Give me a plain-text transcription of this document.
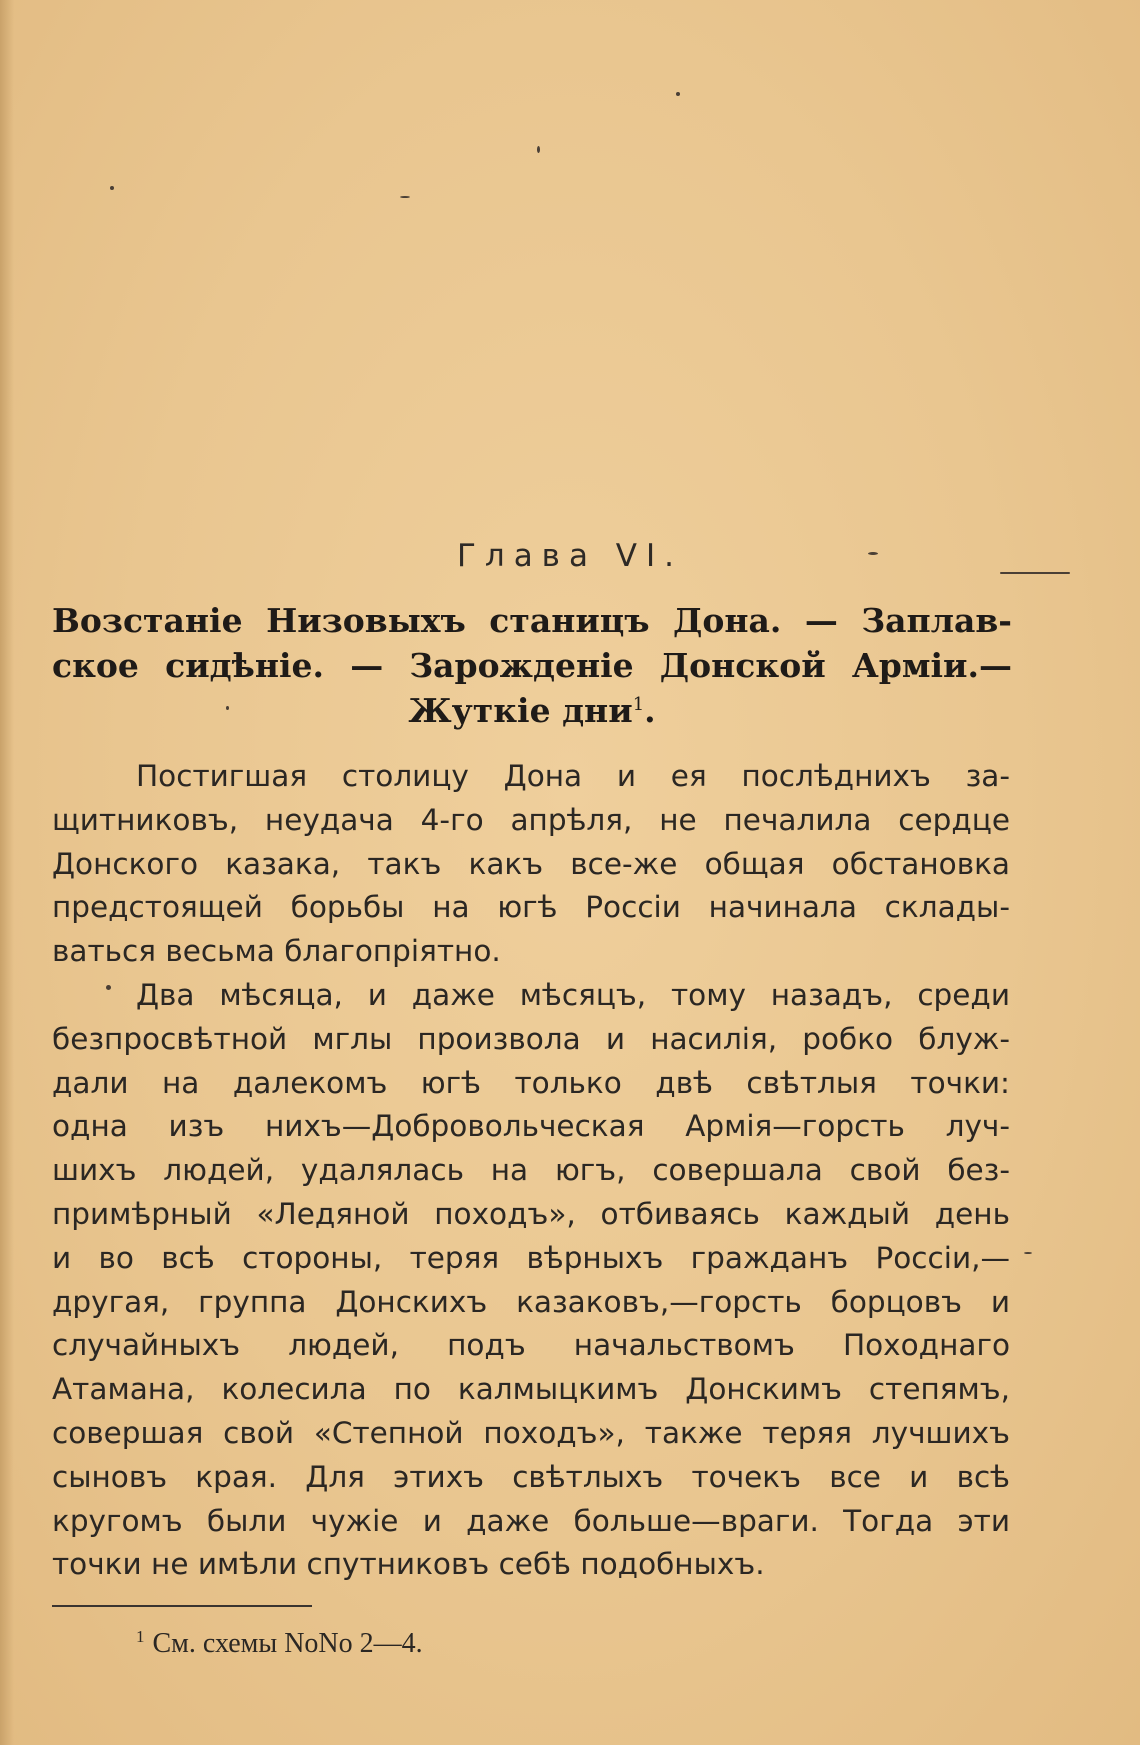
Глава VI.
Возстаніе Низовыхъ станицъ Дона. — Заплав-
ское сидѣніе. — Зарожденіе Донской Арміи.—
Жуткіе дни$^1$.
Постигшая столицу Дона и ея послѣднихъ за-
щитниковъ, неудача 4-го апрѣля, не печалила сердце
Донского казака, такъ какъ все-же общая обстановка
предстоящей борьбы на югѣ Россіи начинала склады-
ваться весьма благопріятно.
Два мѣсяца, и даже мѣсяцъ, тому назадъ, среди
безпросвѣтной мглы произвола и насилія, робко блуж-
дали на далекомъ югѣ только двѣ свѣтлыя точки:
одна изъ нихъ—Добровольческая Армія—горсть луч-
шихъ людей, удалялась на югъ, совершала свой без-
примѣрный «Ледяной походъ», отбиваясь каждый день
и во всѣ стороны, теряя вѣрныхъ гражданъ Россіи,—
другая, группа Донскихъ казаковъ,—горсть борцовъ и
случайныхъ людей, подъ начальствомъ Походнаго
Атамана, колесила по калмыцкимъ Донскимъ степямъ,
совершая свой «Степной походъ», также теряя лучшихъ
сыновъ края. Для этихъ свѣтлыхъ точекъ все и всѣ
кругомъ были чужіе и даже больше—враги. Тогда эти
точки не имѣли спутниковъ себѣ подобныхъ.
$^1$ См. схемы NoNo 2—4.
